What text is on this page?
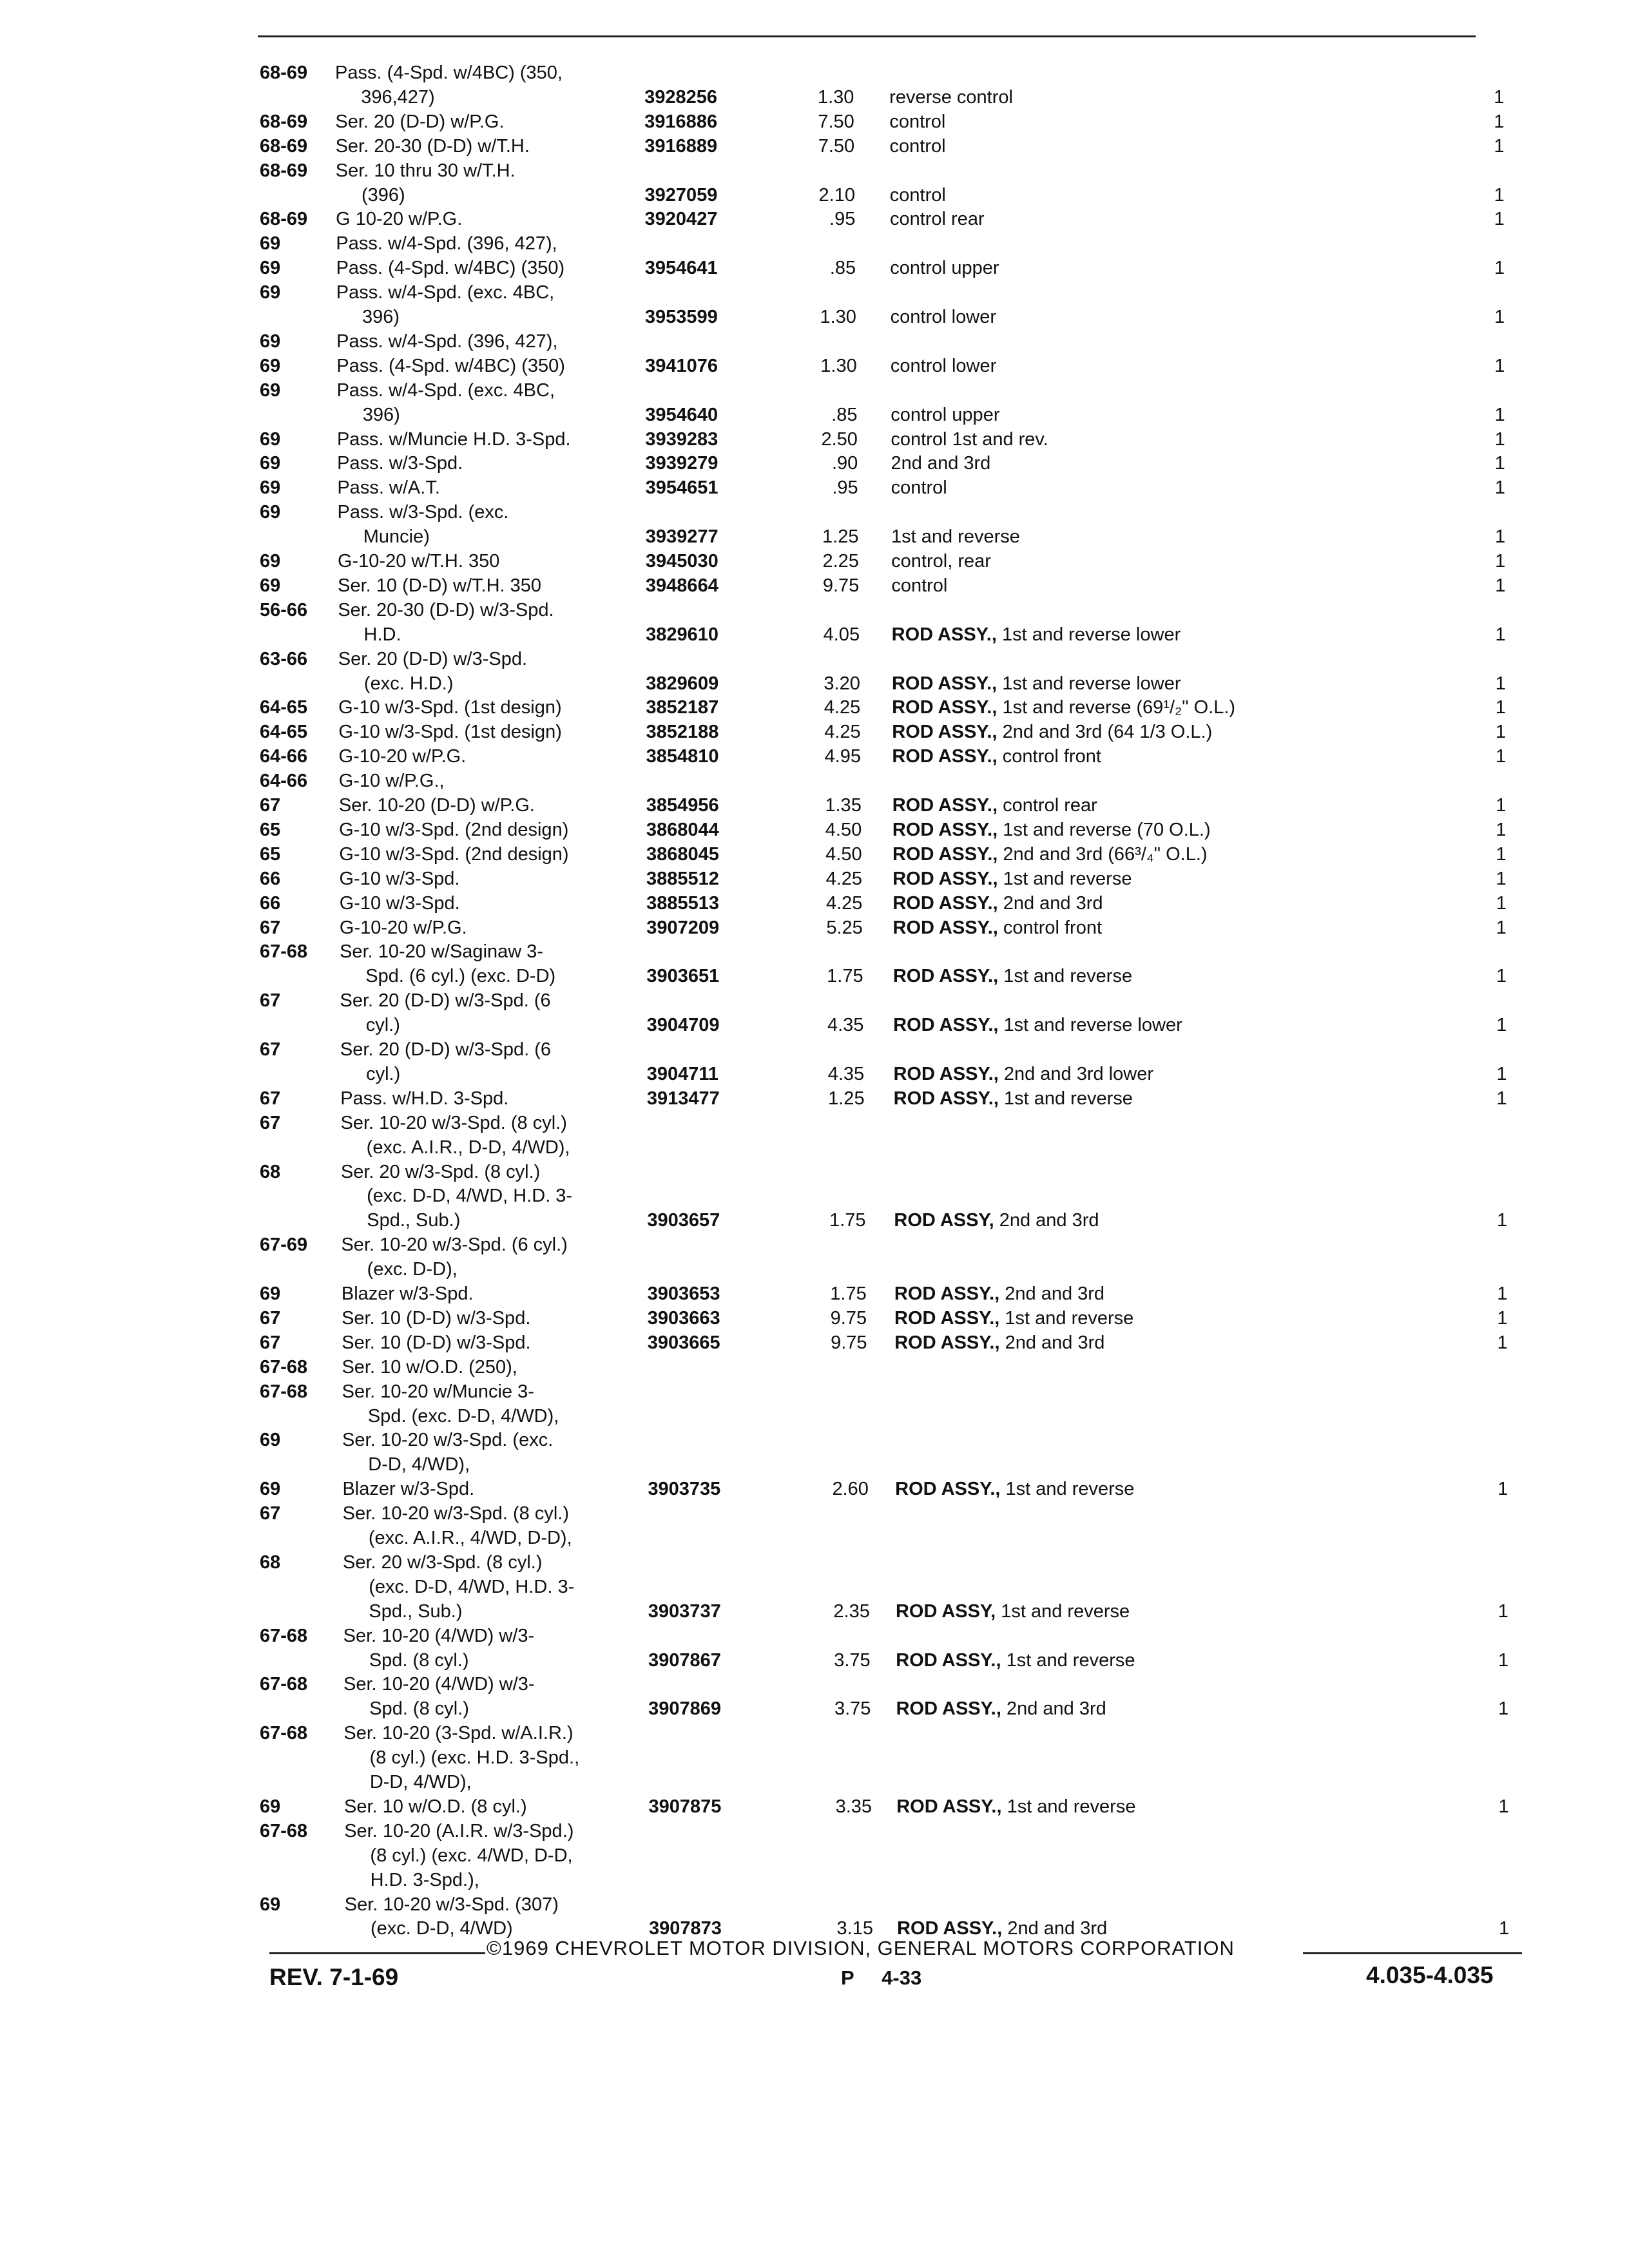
68-69 Pass. (4-Spd. w/4BC) (350,
396,427)	3928256	1.30 reverse control	1
68-69 Ser. 20 (D-D) w/P.G.	3916886	7.50 control	1
68-69 Ser. 20-30 (D-D) w/T.H.	3916889	7.50 control	1
68-69 Ser. 10 thru 30 w/T.H.
(396)	3927059	2.10 control	1
68-69 G 10-20 w/P.G.	3920427	.95 control rear	1
69	Pass. w/4-Spd. (396, 427),
69	Pass. (4-Spd. w/4BC) (350)	3954641	.85 control upper	1
69	Pass. w/4-Spd. (exc. 4BC,
396)	3953599	1.30 control lower	1
69	Pass. w/4-Spd. (396, 427),
69	Pass. (4-Spd. w/4BC) (350)	3941076	1.30 control lower	1
69	Pass. w/4-Spd. (exc. 4BC,
396)	3954640	.85 control upper	1
69	Pass. w/Muncie H.D. 3-Spd.	3939283	2.50 control 1st and rev.	1
69	Pass. w/3-Spd.	3939279	.90 2nd and 3rd	1
69	Pass. w/A.T.	3954651	.95 control	1
69	Pass. w/3-Spd. (exc.
Muncie)	3939277	1.25 1st and reverse	1
69	G-10-20 w/T.H. 350	3945030	2.25 control, rear	1
69	Ser. 10 (D-D) w/T.H. 350	3948664	9.75 control	1
56-66 Ser. 20-30 (D-D) w/3-Spd.
H.D.	3829610	4.05 ROD ASSY., 1st and reverse lower	1
63-66 Ser. 20 (D-D) w/3-Spd.
(exc. H.D.)	3829609	3.20 ROD ASSY., 1st and reverse lower	1
64-65 G-10 w/3-Spd. (1st design)	3852187	4.25 ROD ASSY., 1st and reverse (69¹/₂" O.L.)	1
64-65 G-10 w/3-Spd. (1st design)	3852188	4.25 ROD ASSY., 2nd and 3rd (64 1/3 O.L.)	1
64-66 G-10-20 w/P.G.	3854810	4.95 ROD ASSY., control front	1
64-66 G-10 w/P.G.,
67	Ser. 10-20 (D-D) w/P.G.	3854956	1.35 ROD ASSY., control rear	1
65	G-10 w/3-Spd. (2nd design)	3868044	4.50 ROD ASSY., 1st and reverse (70 O.L.)	1
65	G-10 w/3-Spd. (2nd design)	3868045	4.50 ROD ASSY., 2nd and 3rd (66³/₄" O.L.)	1
66	G-10 w/3-Spd.	3885512	4.25 ROD ASSY., 1st and reverse	1
66	G-10 w/3-Spd.	3885513	4.25 ROD ASSY., 2nd and 3rd	1
67	G-10-20 w/P.G.	3907209	5.25 ROD ASSY., control front	1
67-68 Ser. 10-20 w/Saginaw 3-
Spd. (6 cyl.) (exc. D-D)	3903651	1.75 ROD ASSY., 1st and reverse	1
67	Ser. 20 (D-D) w/3-Spd. (6
cyl.)	3904709	4.35 ROD ASSY., 1st and reverse lower	1
67	Ser. 20 (D-D) w/3-Spd. (6
cyl.)	3904711	4.35 ROD ASSY., 2nd and 3rd lower	1
67	Pass. w/H.D. 3-Spd.	3913477	1.25 ROD ASSY., 1st and reverse	1
67	Ser. 10-20 w/3-Spd. (8 cyl.)
(exc. A.I.R., D-D, 4/WD),
68	Ser. 20 w/3-Spd. (8 cyl.)
(exc. D-D, 4/WD, H.D. 3-
Spd., Sub.)	3903657	1.75 ROD ASSY, 2nd and 3rd	1
67-69 Ser. 10-20 w/3-Spd. (6 cyl.)
(exc. D-D),
69	Blazer w/3-Spd.	3903653	1.75 ROD ASSY., 2nd and 3rd	1
67	Ser. 10 (D-D) w/3-Spd.	3903663	9.75 ROD ASSY., 1st and reverse	1
67	Ser. 10 (D-D) w/3-Spd.	3903665	9.75 ROD ASSY., 2nd and 3rd	1
67-68 Ser. 10 w/O.D. (250),
67-68 Ser. 10-20 w/Muncie 3-
Spd. (exc. D-D, 4/WD),
69	Ser. 10-20 w/3-Spd. (exc.
D-D, 4/WD),
69	Blazer w/3-Spd.	3903735	2.60 ROD ASSY., 1st and reverse	1
67	Ser. 10-20 w/3-Spd. (8 cyl.)
(exc. A.I.R., 4/WD, D-D),
68	Ser. 20 w/3-Spd. (8 cyl.)
(exc. D-D, 4/WD, H.D. 3-
Spd., Sub.)	3903737	2.35 ROD ASSY, 1st and reverse	1
67-68 Ser. 10-20 (4/WD) w/3-
Spd. (8 cyl.)	3907867	3.75 ROD ASSY., 1st and reverse	1
67-68 Ser. 10-20 (4/WD) w/3-
Spd. (8 cyl.)	3907869	3.75 ROD ASSY., 2nd and 3rd	1
67-68 Ser. 10-20 (3-Spd. w/A.I.R.)
(8 cyl.) (exc. H.D. 3-Spd.,
D-D, 4/WD),
69	Ser. 10 w/O.D. (8 cyl.)	3907875	3.35 ROD ASSY., 1st and reverse	1
67-68 Ser. 10-20 (A.I.R. w/3-Spd.)
(8 cyl.) (exc. 4/WD, D-D,
H.D. 3-Spd.),
69	Ser. 10-20 w/3-Spd. (307)
(exc. D-D, 4/WD)	3907873	3.15 ROD ASSY., 2nd and 3rd	1
©1969 CHEVROLET MOTOR DIVISION, GENERAL MOTORS CORPORATION
REV. 7-1-69	P     4-33	4.035-4.035
